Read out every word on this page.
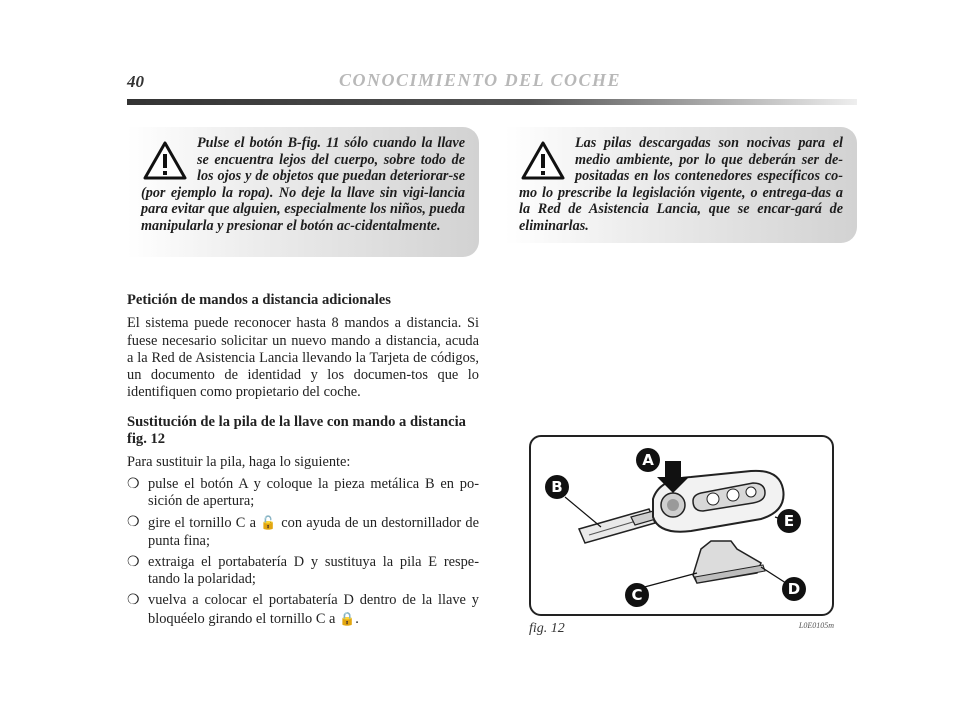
40	CONOCIMIENTO DEL COCHE

Pulse el botón B-fig. 11 sólo cuando la llave se encuentra lejos del cuerpo, sobre todo de los ojos y de objetos que puedan deteriorar-se (por ejemplo la ropa). No deje la llave sin vigi-lancia para evitar que alguien, especialmente los niños, pueda manipularla y presionar el botón ac-cidentalmente.

Las pilas descargadas son nocivas para el medio ambiente, por lo que deberán ser de-positadas en los contenedores específicos co-mo lo prescribe la legislación vigente, o entrega-das a la Red de Asistencia Lancia, que se encar-gará de eliminarlas.

Petición de mandos a distancia adicionales

El sistema puede reconocer hasta 8 mandos a distancia. Si fuese necesario solicitar un nuevo mando a distancia, acuda a la Red de Asistencia Lancia llevando la Tarjeta de códigos, un documento de identidad y los documen-tos que lo identifiquen como propietario del coche.

Sustitución de la pila de la llave con mando a distancia fig. 12

Para sustituir la pila, haga lo siguiente:

❍ pulse el botón A y coloque la pieza metálica B en po-sición de apertura;
❍ gire el tornillo C a 🔓 con ayuda de un destornillador de punta fina;
❍ extraiga el portabatería D y sustituya la pila E respe-tando la polaridad;
❍ vuelva a colocar el portabatería D dentro de la llave y bloquéelo girando el tornillo C a 🔒.
A
B
C	D
E
fig. 12	L0E0105m
